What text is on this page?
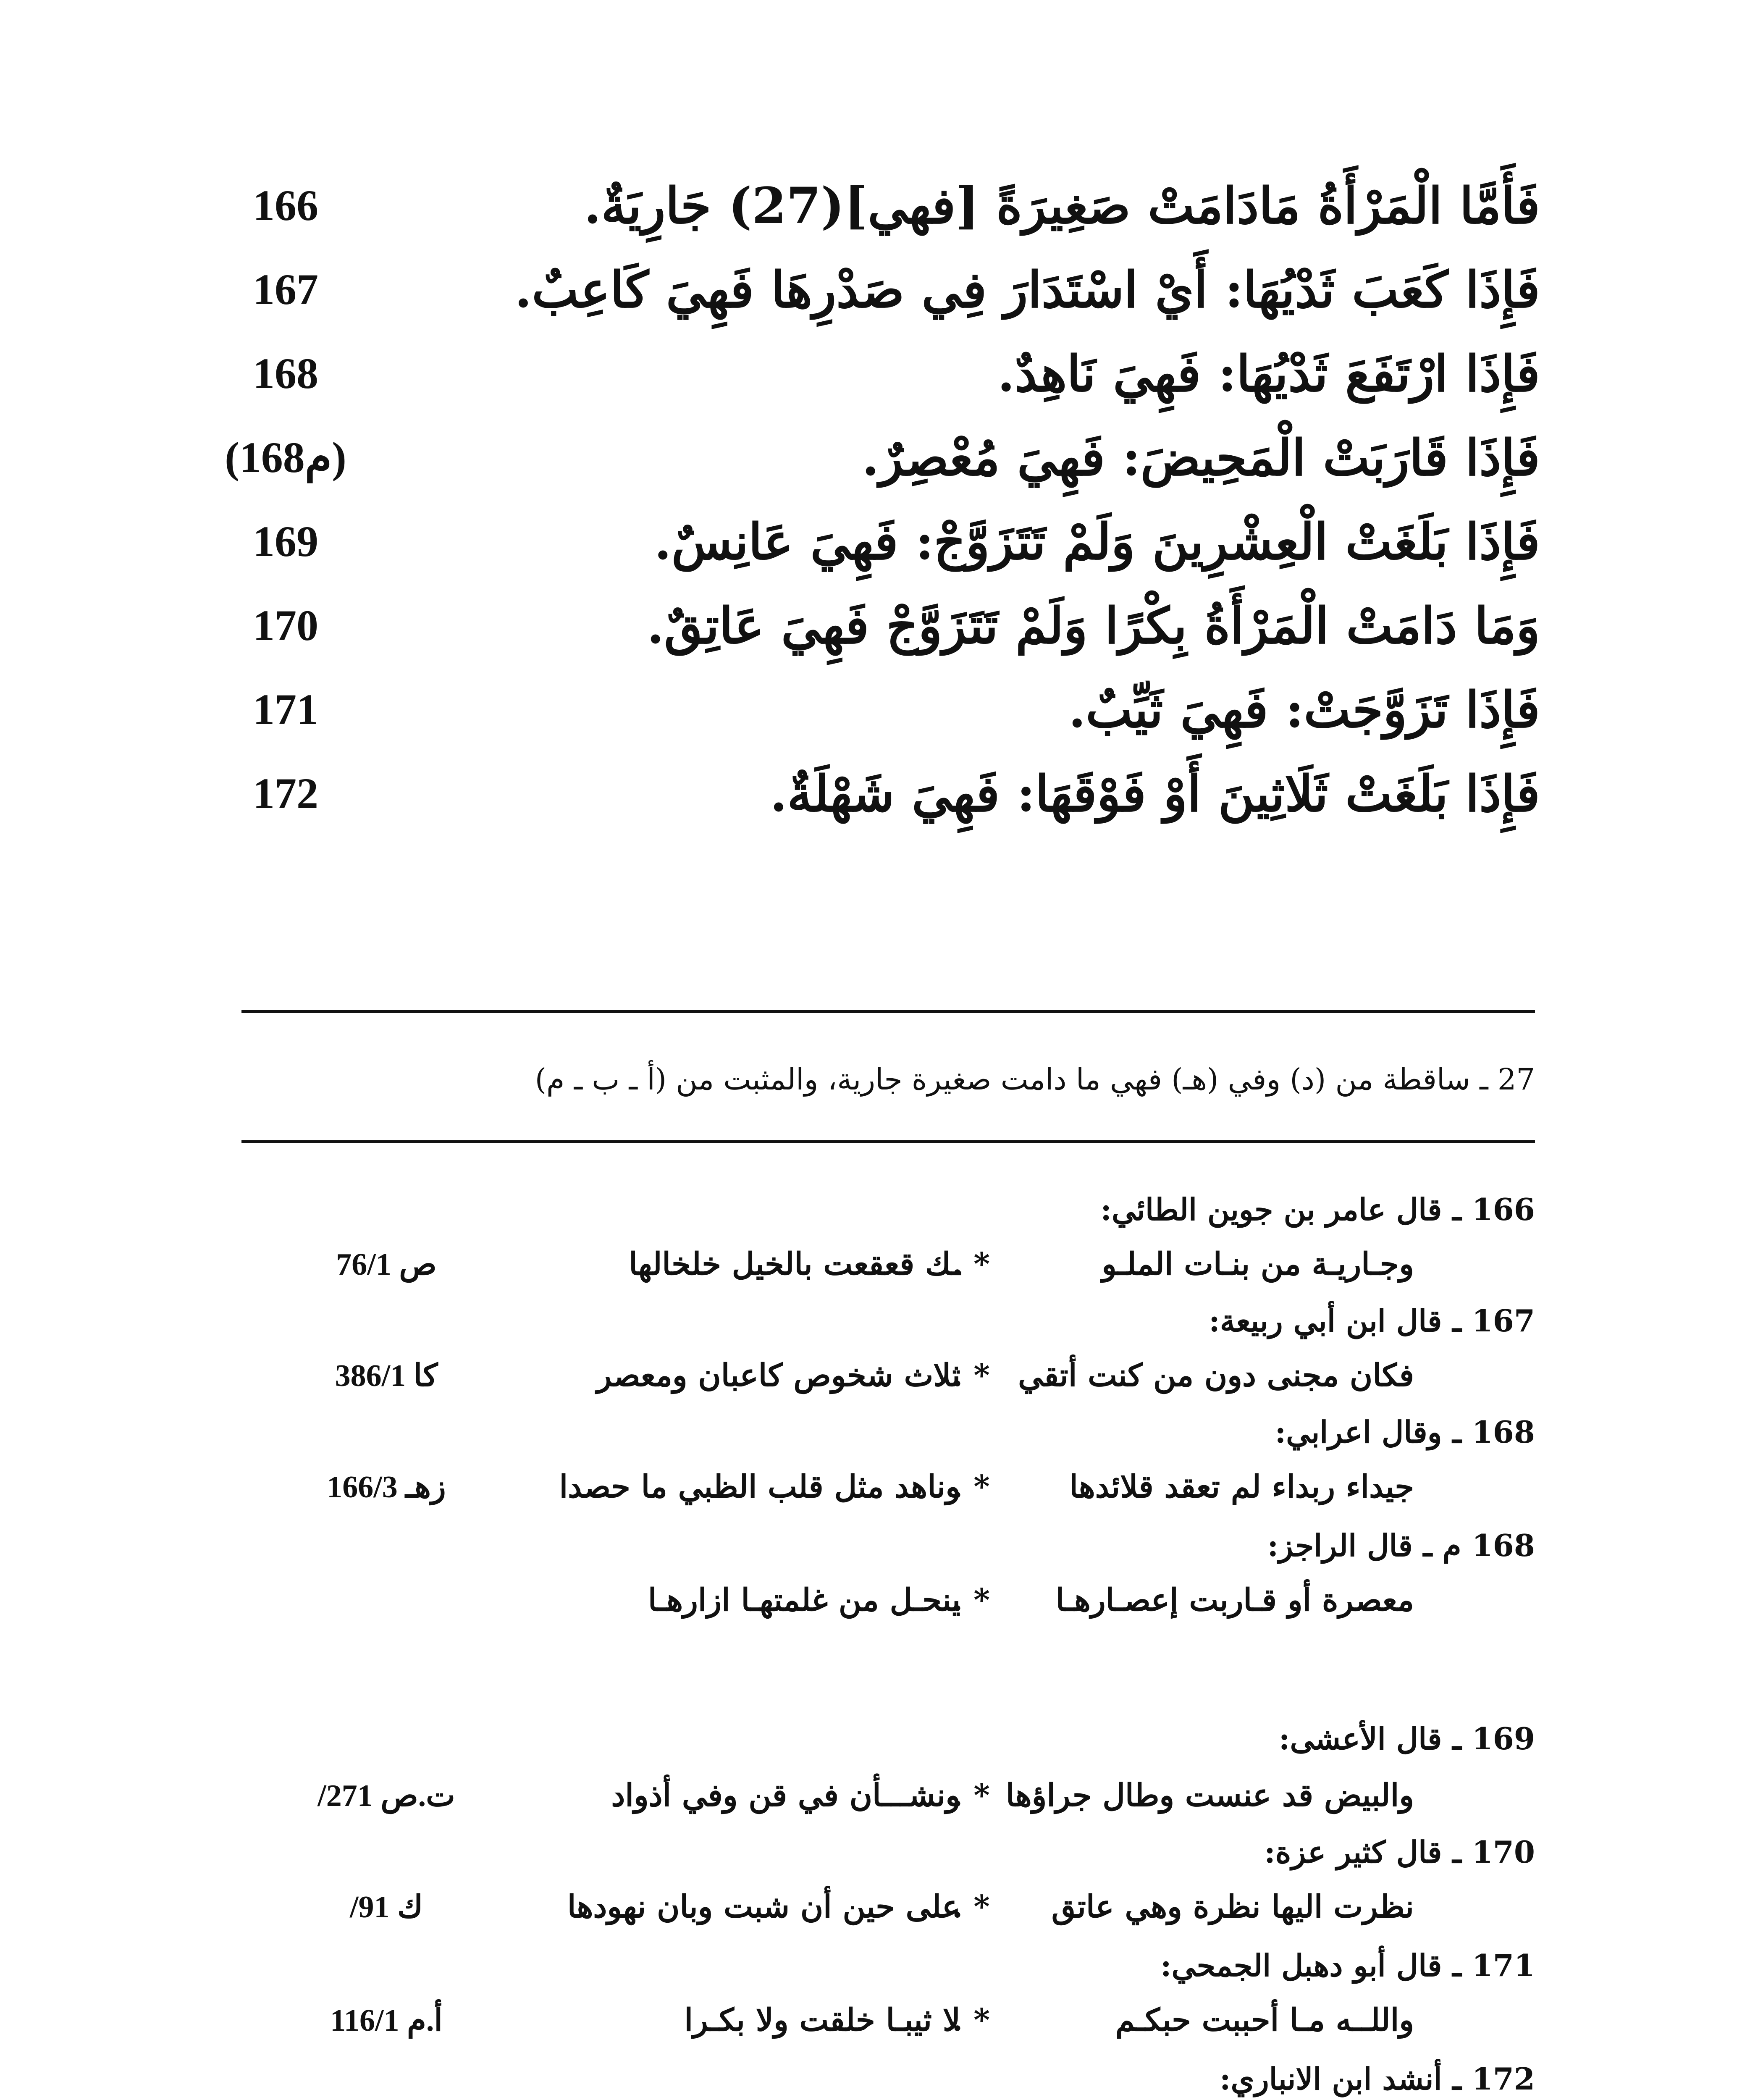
فَأَمَّا الْمَرْأَةُ مَادَامَتْ صَغِيرَةً [فهي](27) جَارِيَةٌ.
166
فَإِذَا كَعَبَ ثَدْيُهَا: أَيْ اسْتَدَارَ فِي صَدْرِهَا فَهِيَ كَاعِبٌ.
167
فَإِذَا ارْتَفَعَ ثَدْيُهَا: فَهِيَ نَاهِدٌ.
168
فَإِذَا قَارَبَتْ الْمَحِيضَ: فَهِيَ مُعْصِرٌ.
(168م)
فَإِذَا بَلَغَتْ الْعِشْرِينَ وَلَمْ تَتَزَوَّجْ: فَهِيَ عَانِسٌ.
169
وَمَا دَامَتْ الْمَرْأَةُ بِكْرًا وَلَمْ تَتَزَوَّجْ فَهِيَ عَاتِقٌ.
170
فَإِذَا تَزَوَّجَتْ: فَهِيَ ثَيِّبٌ.
171
فَإِذَا بَلَغَتْ ثَلَاثِينَ أَوْ فَوْقَهَا: فَهِيَ شَهْلَةٌ.
172
27 ـ ساقطة من (د) وفي (هـ) فهي ما دامت صغيرة جارية، والمثبت من (أ ـ ب ـ م)
166 ـ قال عامر بن جوين الطائي:
وجـاريـة من بنـات الملـو
* .
ـك قعقعت بالخيل خلخالها
ص 76/1
167 ـ قال ابن أبي ربيعة:
فكان مجنى دون من كنت أتقي
* .
ثلاث شخوص كاعبان ومعصر
كا 386/1
168 ـ وقال اعرابي:
جيداء ربداء لم تعقد قلائدها
* .
وناهد مثل قلب الظبي ما حصدا
زهـ 166/3
168 م ـ قال الراجز:
معصرة أو قـاربت إعصـارهـا
* .
ينحـل من غلمتهـا ازارهـا
169 ـ قال الأعشى:
والبيض قد عنست وطال جراؤها
* .
ونشـــأن في قن وفي أذواد
ت.ص 271/
170 ـ قال كثير عزة:
نظرت اليها نظرة وهي عاتق
* .
على حين أن شبت وبان نهودها
ك 91/
171 ـ قال أبو دهبل الجمحي:
واللــه مـا أحببت حبكـم
* .
لا ثيبـا خلقت ولا بكـرا
أ.م 116/1
172 ـ أنشد ابن الانباري:
